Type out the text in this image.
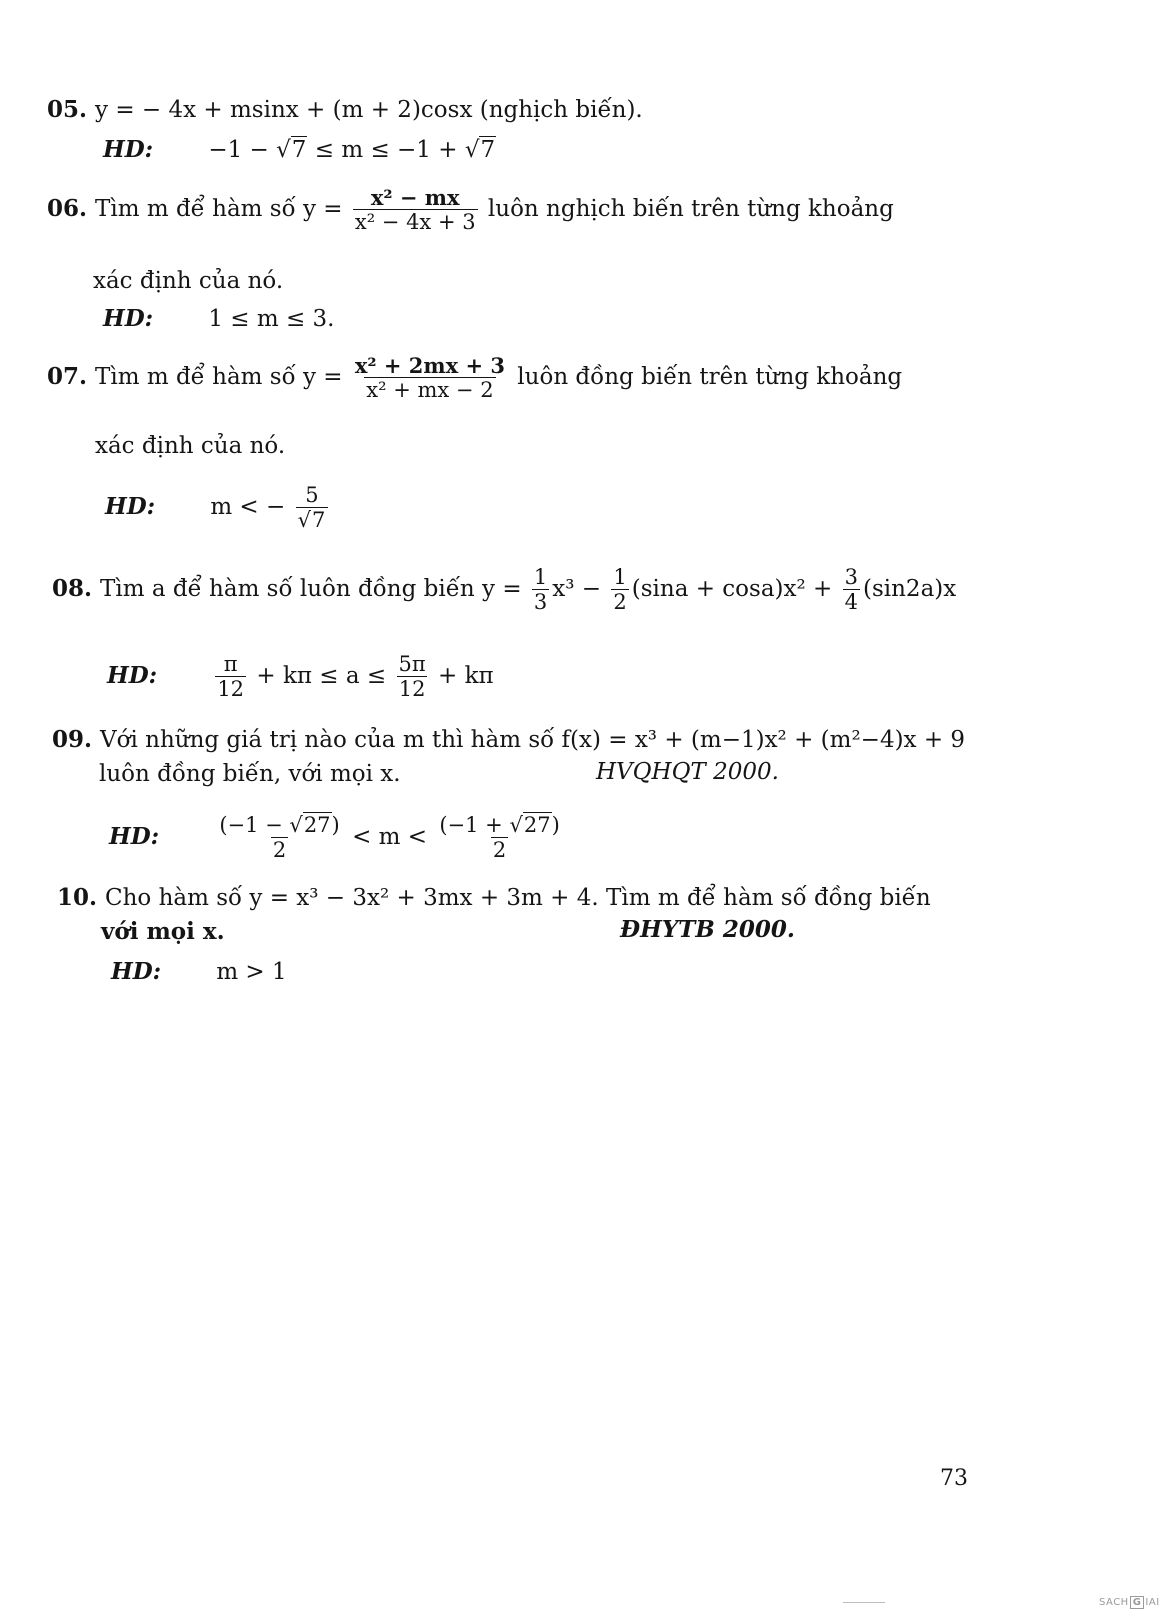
05. y = − 4x + msinx + (m + 2)cosx (nghịch biến).
HD: −1 − √7 ≤ m ≤ −1 + √7
06. Tìm m để hàm số $y = \frac{\text{x² − mx}}{\text{x² − 4x + 3}}$ luôn nghịch biến trên từng khoảng
xác định của nó.
HD: 1 ≤ m ≤ 3.
07. Tìm m để hàm số $y = \frac{\text{x² + 2mx + 3}}{\text{x² + mx − 2}}$ luôn đồng biến trên từng khoảng
xác định của nó.
HD: m < − $\frac{5}{√7}$
08. Tìm a để hàm số luôn đồng biến $y = \frac{1}{3} x^3 - \frac{1}{2} (\sin a + \cos a)x^2 + \frac{3}{4} (\sin 2a)x$
HD:	$\frac{\pi}{12} + k\pi \le a \le \frac{5\pi}{12} + k\pi$
09. Với những giá trị nào của m thì hàm số f(x) = x³ + (m−1)x² + (m²−4)x + 9
luôn đồng biến, với mọi x.	HVQHQT 2000.
HD:	$\frac{(-1 - √27)}{2} < m < \frac{(-1 + √27)}{2}$
10. Cho hàm số y = x³ − 3x² + 3mx + 3m + 4. Tìm m để hàm số đồng biến
với mọi x.	ĐHYTB 2000.
HD: m > 1
73
SACH G IAI
